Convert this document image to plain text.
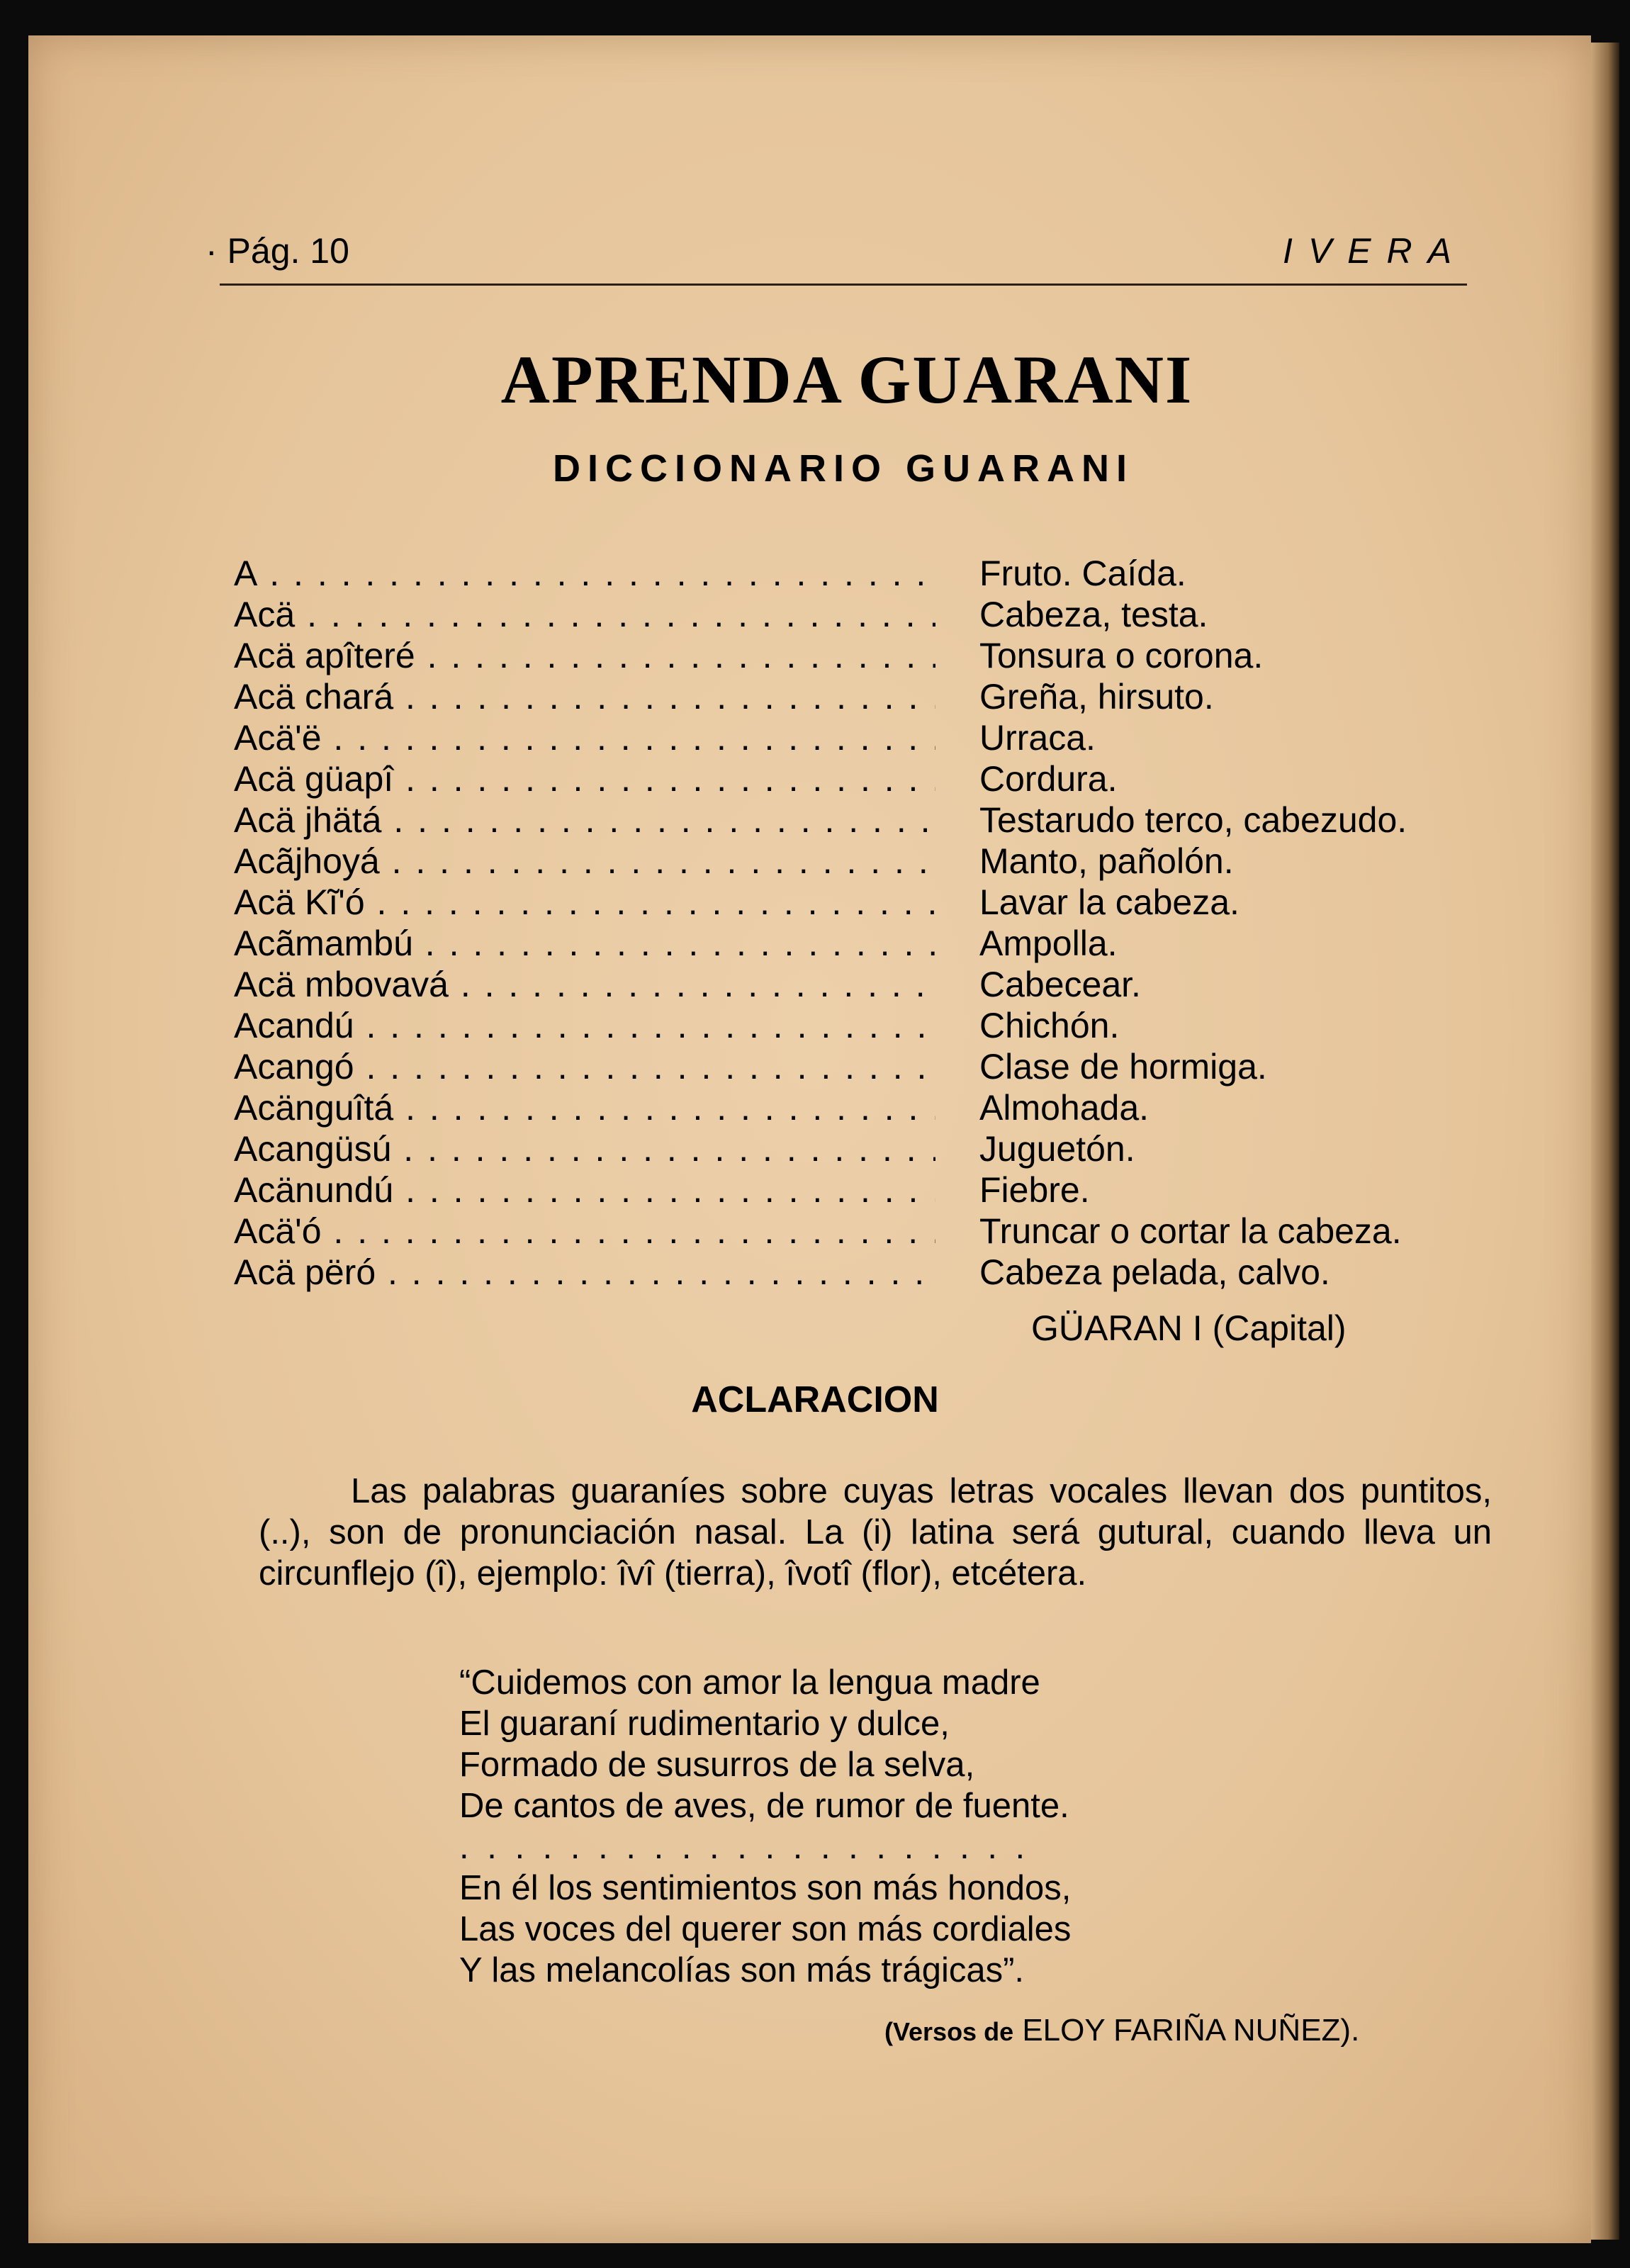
· Pág. 10	IVERA
APRENDA GUARANI
DICCIONARIO GUARANI
A . . .	Fruto. Caída.
Acä . . .	Cabeza, testa.
Acä apîteré . . .	Tonsura o corona.
Acä chará . . .	Greña, hirsuto.
Acä'ë . . .	Urraca.
Acä güapî . . .	Cordura.
Acä jhätá . . .	Testarudo terco, cabezudo.
Acãjhoyá . . .	Manto, pañolón.
Acä Kĩ'ó . . .	Lavar la cabeza.
Acãmambú . . .	Ampolla.
Acä mbovavá . . .	Cabecear.
Acandú . . .	Chichón.
Acangó . . .	Clase de hormiga.
Acänguîtá . . .	Almohada.
Acangüsú . . .	Juguetón.
Acänundú . . .	Fiebre.
Acä'ó . . .	Truncar o cortar la cabeza.
Acä përó . . .	Cabeza pelada, calvo.
GÜARAN I (Capital)
ACLARACION
Las palabras guaraníes sobre cuyas letras vocales llevan dos puntitos, (..), son de pronunciación nasal. La (i) latina será gutural, cuando lleva un circunflejo (î), ejemplo: îvî (tierra), îvotî (flor), etcétera.
“Cuidemos con amor la lengua madre
El guaraní rudimentario y dulce,
Formado de susurros de la selva,
De cantos de aves, de rumor de fuente.
. . . . . . . . . . . . . . . . . . . . .
En él los sentimientos son más hondos,
Las voces del querer son más cordiales
Y las melancolías son más trágicas”.
(Versos de ELOY FARIÑA NUÑEZ).
